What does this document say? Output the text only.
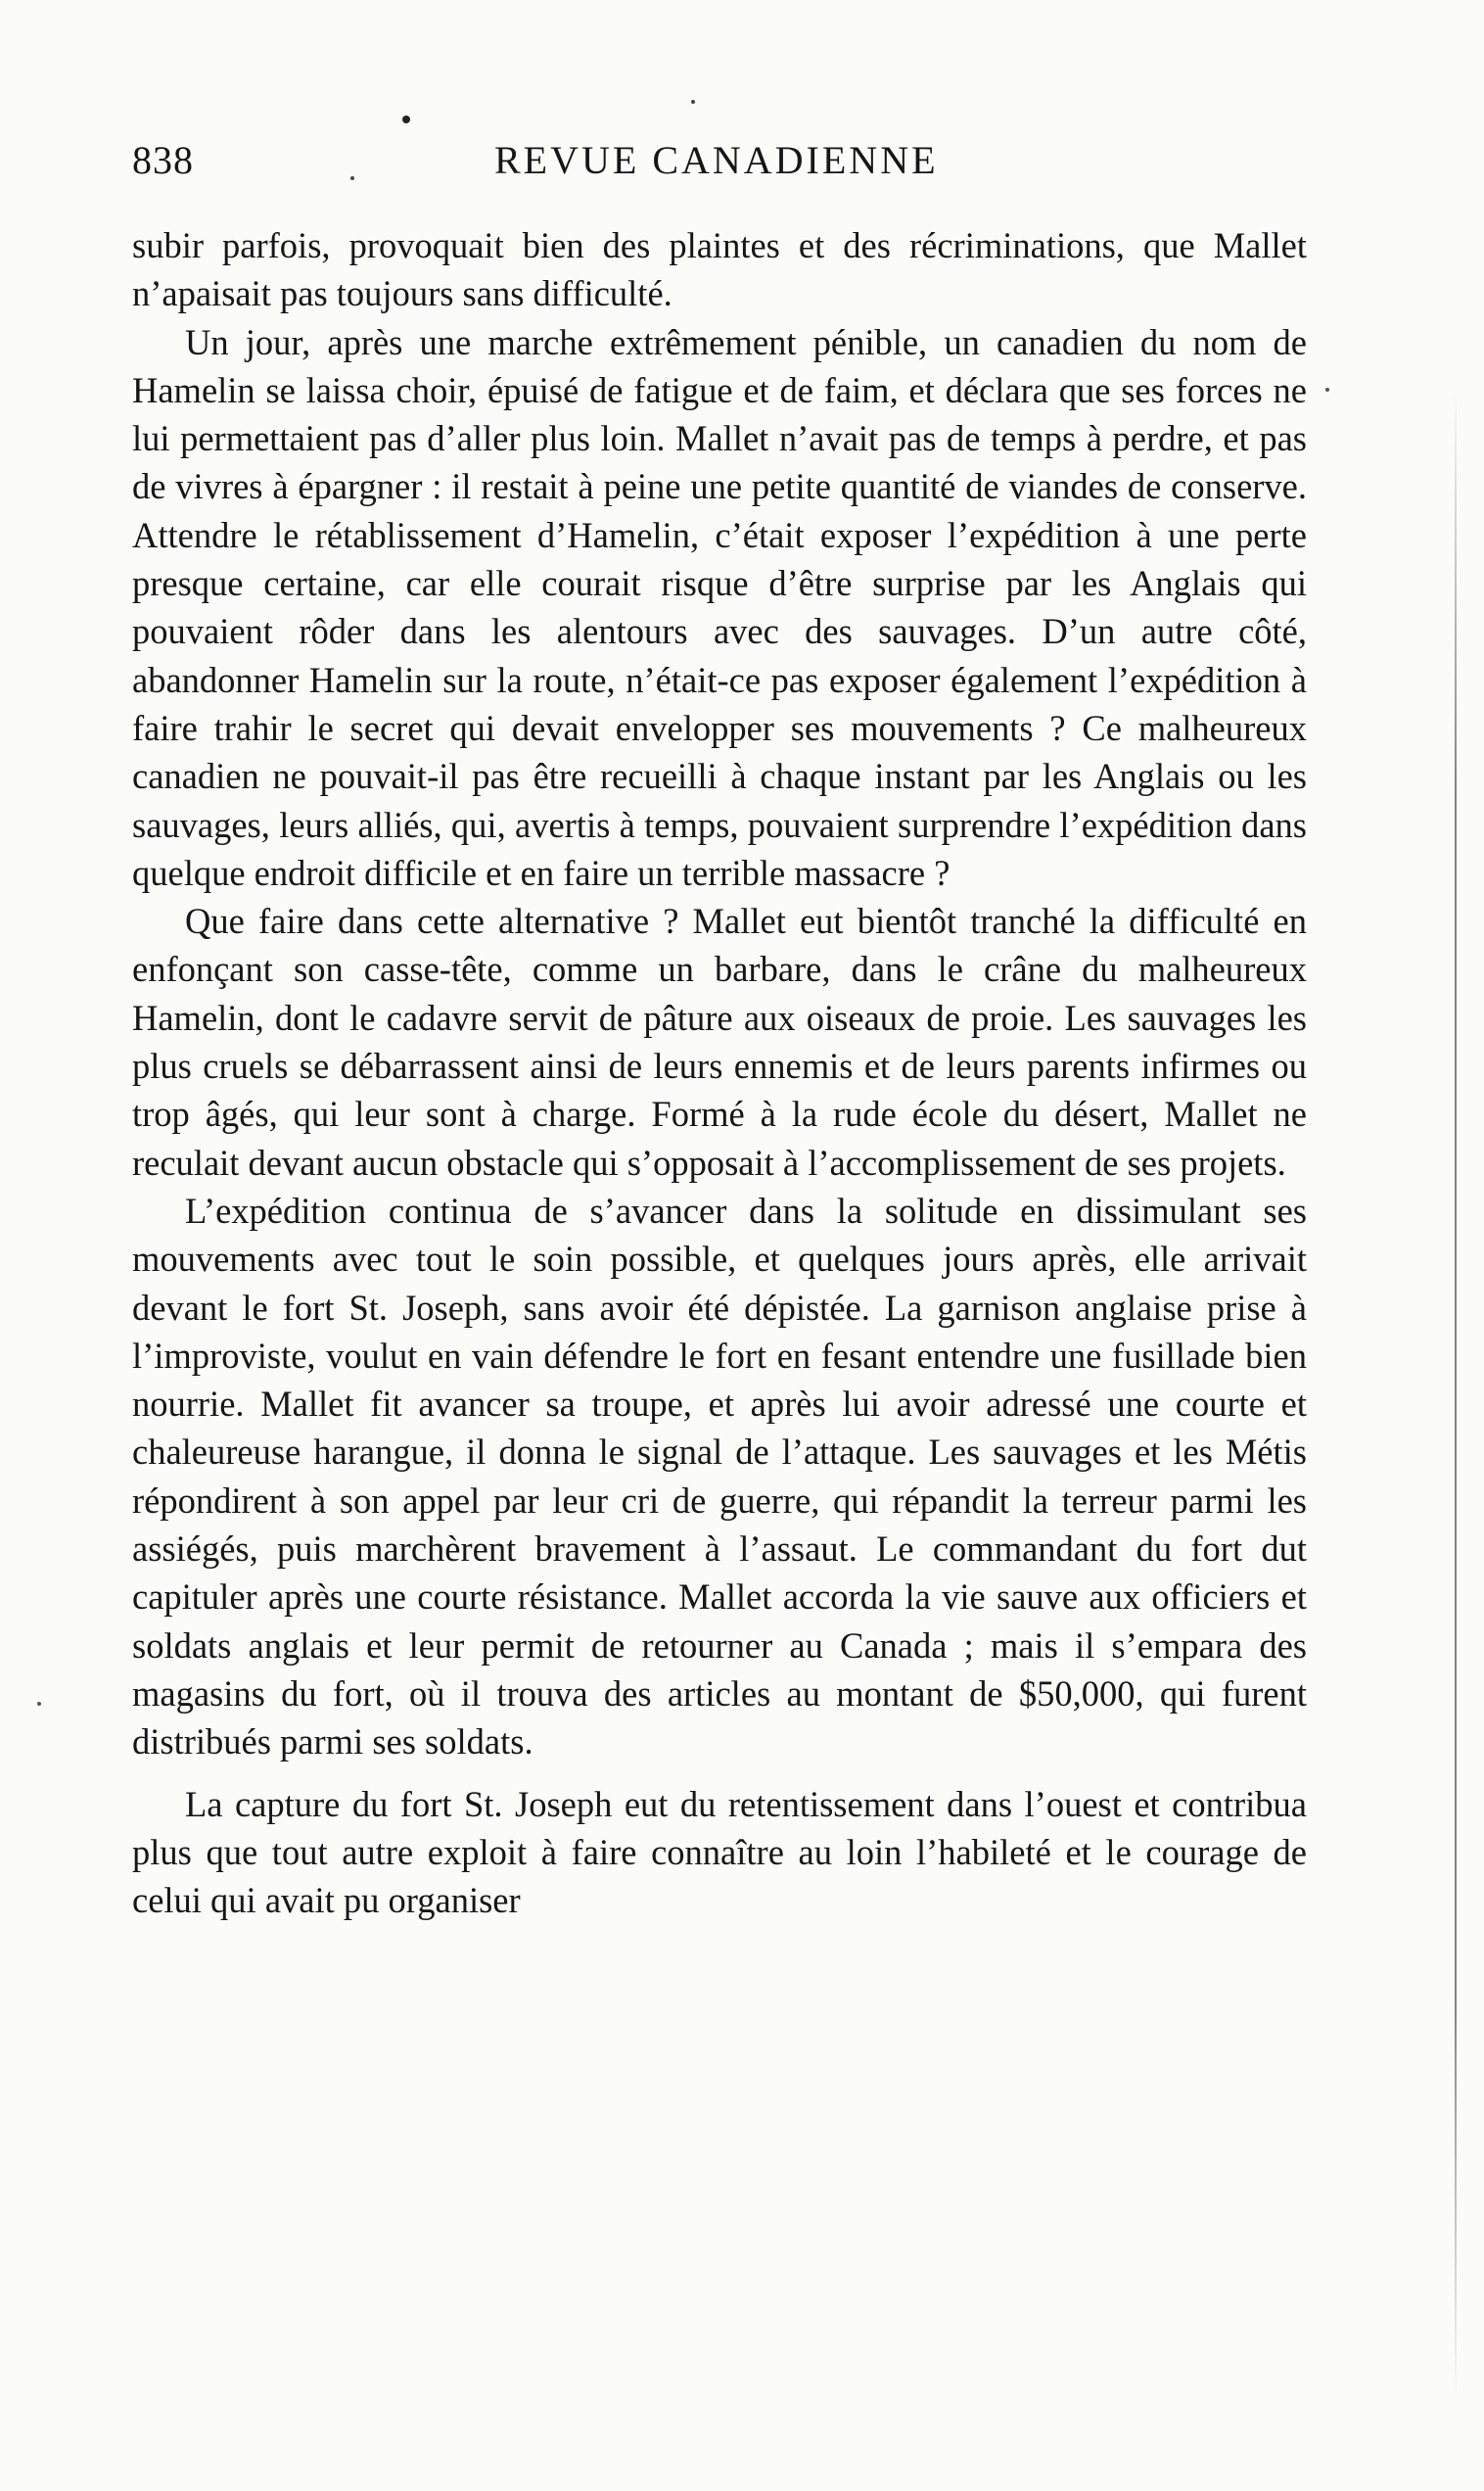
838	REVUE CANADIENNE

subir parfois, provoquait bien des plaintes et des récriminations, que Mallet n’apaisait pas toujours sans difficulté.

Un jour, après une marche extrêmement pénible, un canadien du nom de Hamelin se laissa choir, épuisé de fatigue et de faim, et déclara que ses forces ne lui permettaient pas d’aller plus loin. Mallet n’avait pas de temps à perdre, et pas de vivres à épargner : il restait à peine une petite quantité de viandes de conserve. Attendre le rétablissement d’Hamelin, c’était exposer l’expédition à une perte presque certaine, car elle courait risque d’être surprise par les Anglais qui pouvaient rôder dans les alentours avec des sauvages. D’un autre côté, abandonner Hamelin sur la route, n’était-ce pas exposer également l’expédition à faire trahir le secret qui devait envelopper ses mouvements ? Ce malheureux canadien ne pouvait-il pas être recueilli à chaque instant par les Anglais ou les sauvages, leurs alliés, qui, avertis à temps, pouvaient surprendre l’expédition dans quelque endroit difficile et en faire un terrible massacre ?

Que faire dans cette alternative ? Mallet eut bientôt tranché la difficulté en enfonçant son casse-tête, comme un barbare, dans le crâne du malheureux Hamelin, dont le cadavre servit de pâture aux oiseaux de proie. Les sauvages les plus cruels se débarrassent ainsi de leurs ennemis et de leurs parents infirmes ou trop âgés, qui leur sont à charge. Formé à la rude école du désert, Mallet ne reculait devant aucun obstacle qui s’opposait à l’accomplissement de ses projets.

L’expédition continua de s’avancer dans la solitude en dissimulant ses mouvements avec tout le soin possible, et quelques jours après, elle arrivait devant le fort St. Joseph, sans avoir été dépistée. La garnison anglaise prise à l’improviste, voulut en vain défendre le fort en fesant entendre une fusillade bien nourrie. Mallet fit avancer sa troupe, et après lui avoir adressé une courte et chaleureuse harangue, il donna le signal de l’attaque. Les sauvages et les Métis répondirent à son appel par leur cri de guerre, qui répandit la terreur parmi les assiégés, puis marchèrent bravement à l’assaut. Le commandant du fort dut capituler après une courte résistance. Mallet accorda la vie sauve aux officiers et soldats anglais et leur permit de retourner au Canada ; mais il s’empara des magasins du fort, où il trouva des articles au montant de $50,000, qui furent distribués parmi ses soldats.

La capture du fort St. Joseph eut du retentissement dans l’ouest et contribua plus que tout autre exploit à faire connaître au loin l’habileté et le courage de celui qui avait pu organiser
